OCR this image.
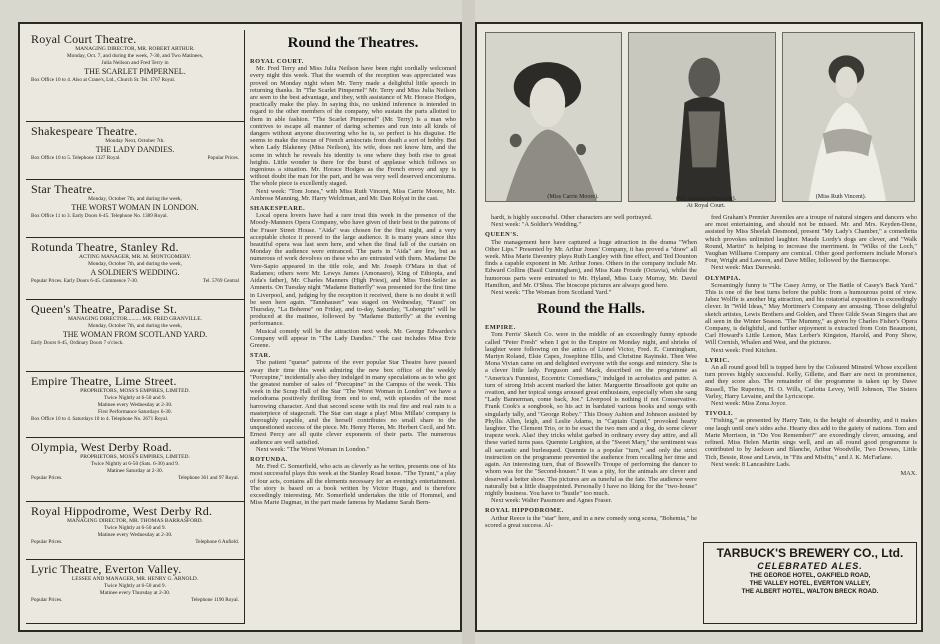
Royal Court Theatre.
MANAGING DIRECTOR, MR. ROBERT ARTHUR.
Monday, Oct. 7, and during the week, 7-30, and Two Matinees,
Julia Neilson and Fred Terry in
THE SCARLET PIMPERNEL.
Box Office 10 to 4. Also at Crane's, Ltd., Church St. Tel. 1767 Royal.
Shakespeare Theatre.
Monday Next, October 7th.
THE LADY DANDIES.
Box Office 10 to 5. Telephone 1327 Royal.	Popular Prices.
Star Theatre.
Monday, October 7th, and during the week,
THE WORST WOMAN IN LONDON.
Box Office 11 to 3. Early Doors 6-45. Telephone No. 1389 Royal.
Rotunda Theatre, Stanley Rd.
ACTING MANAGER, MR. M. MONTGOMERY.
Monday, October 7th, and during the week,
A SOLDIER'S WEDDING.
Popular Prices. Early Doors 6-45. Commence 7-30.	Tel. 5769 Central
Queen's Theatre, Paradise St.
MANAGING DIRECTOR.......... MR. FRED GRANVILLE.
Monday, October 7th, and during the week,
THE WOMAN FROM SCOTLAND YARD.
Early Doors 6-45, Ordinary Doors 7 o'clock.
Empire Theatre, Lime Street.
PROPRIETORS, MOSS'S EMPIRES, LIMITED.
Twice Nightly at 6-50 and 9.
Matinee every Wednesday at 2-30.
First Performance Saturdays 6-30.
Box Office 10 to 4. Saturdays 10 to 4. Telephone No. 2671 Royal.
Olympia, West Derby Road.
PROPRIETORS, MOSS'S EMPIRES, LIMITED.
Twice Nightly at 6-50 (Sats. 6-30) and 9.
Matinee Saturday at 2-30.
Popular Prices.	Telephone 361 and 97 Royal.
Royal Hippodrome, West Derby Rd.
MANAGING DIRECTOR, MR. THOMAS BARRASFORD.
Twice Nightly at 6-50 and 9.
Matinee every Wednesday at 2-30.
Popular Prices.	Telephone 6 Anfield.
Lyric Theatre, Everton Valley.
LESSEE AND MANAGER, MR. HENRY G. ARNOLD.
Twice Nightly at 6-50 and 9.
Matinee every Thursday at 2-30.
Popular Prices.	Telephone 1190 Royal.
Round the Theatres.
ROYAL COURT.

Mr. Fred Terry and Miss Julia Neilson have been right cordially welcomed every night this week. That the warmth of the reception was appreciated was proved on Monday night when Mr. Terry made a delightful little speech in returning thanks. In "The Scarlet Pimpernel" Mr. Terry and Miss Julia Neilson are seen to the best advantage, and they, with assistance of Mr. Horace Hodges, practically make the play. In saying this, no unkind inference is intended in regard to the other members of the company, who sustain the parts allotted to them in able fashion. "The Scarlet Pimpernel" (Mr. Terry) is a man who contrives to escape all manner of daring schemes and run into all kinds of dangers without anyone discovering who he is, so perfect is his disguise. He seems to make the rescue of French aristocrats from death a sort of hobby. But when Lady Blakeney (Miss Neilson), his wife, does not know him, and the scene in which he reveals his identity is one where they both rise to great heights. Little wonder is there for the burst of applause which follows so ingenious a situation. Mr. Horace Hodges as the French envoy and spy is without doubt the man for the part, and he was very well deserved encomiums. The whole piece is excellently staged.

Next week: "Tom Jones," with Miss Ruth Vincent, Miss Carrie Moore, Mr. Ambrose Manning, Mr. Harry Welchman, and Mr. Dan Rolyat in the cast.

SHAKESPEARE.

Local opera lovers have had a rare treat this week in the presence of the Moody-Manners Opera Company, who have given of their best to the patrons of the Fraser Street House. "Aida" was chosen for the first night, and a very acceptable choice it proved to the large audience. It is many years since this beautiful opera was last seen here, and when the final fall of the curtain on Monday the audience were entranced. The parts in "Aida" are few, but as numerous of work devolves on these who are entrusted with them. Madame De Vere-Sapio appeared in the title role, and Mr. Joseph O'Mara in that of Radames; others were Mr. Lewys James (Amonasro), King of Ethiopia, and Aida's father), Mr. Charles Manners (High Priest), and Miss Toni-Seiler as Amneris. On Tuesday night "Madame Butterfly" was presented for the first time in Liverpool, and, judging by the reception it received, there is no doubt it will be seen here again. "Tannhauser" was staged on Wednesday, "Faust" on Thursday, "La Boheme" on Friday, and to-day, Saturday, "Lohengrin" will be produced at the matinee, followed by "Madame Butterfly" at the evening performance.

Musical comedy will be the attraction next week. Mr. George Edwardes's Company will appear in "The Lady Dandies." The cast includes Miss Evie Greene.

STAR.

The patient "queue" patrons of the ever popular Star Theatre have passed away their time this week admiring the new box office of the weekly "Porcupine," incidentally also they indulged in many speculations as to who got the greatest number of sales of "Porcupine" in the Campus of the week. This week in the Scrap Hall of the Star "The Worst Woman in London" we have a melodrama positively thrilling from end to end, with episodes of the most harrowing character. And that second scene with its real fire and real rain is a masterpiece of stagecraft. The Star can stage a play! Miss Millais' company is thoroughly capable, and the herself contributes no small share to the unquestioned success of the piece. Mr. Henry Heron, Mr. Herbert Cecil, and Mr. Ernest Percy are all quite clever exponents of their parts. The numerous audience are well satisfied.

Next week: "The Worst Woman in London."

ROTUNDA.

Mr. Fred C. Somerfield, who acts as cleverly as he writes, presents one of his most successful plays this week at the Stanley Road house. "The Tyrant," a play of four acts, contains all the elements necessary for an evening's entertainment. The story is based on a book written by Victor Hugo, and is therefore exceedingly interesting. Mr. Somerfield undertakes the title of Hommel, and Miss Marie Dagmar, in the part made famous by Madame Sarah Bern-

(Miss Carrie Moore).	(Mr. Ambrose Manning).	(Miss Ruth Vincent).
At Royal Court.

hardt, is highly successful. Other characters are well portrayed.

Next week: "A Soldier's Wedding."

QUEEN'S.

The management here have captured a huge attraction in the drama "When Other Lips." Presented by Mr. Arthur Jones' Company, it has proved a "draw" all week. Miss Marie Daventry plays Ruth Langley with fine effect, and Ted Dounton finds a capable exponent in Mr. Arthur Jones. Others in the company include Mr. Edward Collins (Basil Cunningham), and Miss Kate Froude (Octavia), whilst the humorous parts were entrusted to Mr. Hyland, Miss Lucy Murray, Mr. David Hamilton, and Mr. O'Shea. The bioscope pictures are always good here.

Next week: "The Woman from Scotland Yard."

Round the Halls.
EMPIRE.

Tom Ferris' Sketch Co. were in the middle of an exceedingly funny episode called "Peter Fresh" when I got to the Empire on Monday night, and shrieks of laughter were following on the antics of Lionel Victor, Fred. E. Cunningham, Martyn Roland, Elsie Capes, Josephine Ellis, and Christine Rayinski. Then Wee Mona Vivian came on and delighted everyone with the songs and mimicry. She is a clever little lady. Ferguson and Mack, described on the programme as "America's Funniest, Eccentric Comedians," indulged in acrobatics and patter. A turn of strong Irish accent marked the latter. Marguerite Broadfoote got quite an ovation, and her topical songs aroused great enthusiasm, especially when she sang "Lady Bannerman, come back, Joe." Liverpool is nothing if not Conservative. Frank Cook's a songbook, so his act in bardated various books and songs with singularly tally, and "George Robey." This Dossy Ashton and Johnson assisted by Phyllis Allen, leigh, and Leslie Adams, in "Captain Cupid," provoked hearty laughter. The Clement Trio, or to be exact the two men and a dog, do some clever trapeze work. Alas! they tricks whilst garbed in ordinary every day attire, and all these varied turns pass. Quennie Leighton, at the "Sweet Mary," the sentiment was all sarcastic and burlesqued. Quennie is a popular "turn," and only the strict instruction on the programme prevented the audience from recalling her time and again. An interesting turn, that of Boswell's Troupe of performing the dancer to whom was for the "Second-houser." It was a pity, for the animals are clever and deserved a better show. The pictures are as tuneful as the fate. The audience were naturally but a little disappointed. Personally I have no liking for the "two-house" nightly business. You have to "hustle" too much.

Next week: Walter Passmore and Agnes Fraser.

ROYAL HIPPODROME.

Arthur Reece is the "star" here, and in a new comedy song scena, "Bohemia," he scored a great success. Al-

fred Graham's Premier Juveniles are a troupe of natural singers and dancers who are most entertaining, and should not be missed. Mr. and Mrs. Keyden-Dene, assisted by Miss Sheelah Desmond, present "My Lady's Chamber," a comedietta which provokes unlimited laughter. Maude Lordy's dogs are clever, and "Walk Round, Martin" is helping to increase the merriment. In "Wilks of the Loch," Vaughan Williams Company are comical. Other good performers include Morse's Four, Wright and Lawson, and Dave Miller, followed by the Barrascope.

Next week: Max Darewski.

OLYMPIA.

Screamingly funny is "The Casey Army, or The Battle of Casey's Back Yard." This is one of the best turns before the public from a humourous point of view. Jabez Wolffe is another big attraction, and his rotatorial exposition is exceedingly clever. In "Wild Ideas," May Mortimer's Company are amusing. Those delightful sketch artistes, Lewis Brothers and Golden, and Three Gilde Swan Singers that are all seen in the Winter Season. "The Mummy," as given by Charles Fisher's Opera Company, is delightful, and further enjoyment is extracted from Coin Beaumont, Carl Howard's Little Lemon, Max Lerber's Kingston, Harold, and Pony Show, Will Cornish, Whalen and West, and the pictures.

Next week: Fred Kitchen.

LYRIC.

An all round good bill is topped here by the Coloured Minstrel Whose excellent turn proves highly successful. Kelly, Gillette, and Barr are next in prominence, and they score also. The remainder of the programme is taken up by Dawe Russell, The Rupertos, H. O. Wills, Carlotta Levey, Will Johnson, The Sisters Varley, Harry Levaine, and the Lyricscope.

Next week: Miss Zona Joyce.

TIVOLI.

"Fishing," as presented by Harry Tate, is the height of absurdity, and it makes one laugh until one's sides ache. Hearty dies add to the gaiety of nations. Tom and Marie Morrison, in "Do You Remember?" are exceedingly clever, amusing, and refined. Miss Helen Martin sings well, and an all round good programme is contributed to by Jackson and Blanche, Arthur Woodville, Two Dowses, Little Tich, Bessie, Rose and Lewis, in "Fits and Misfits," and J. K. McFarlane.

Next week: 8 Lancashire Lads.

MAX.
TARBUCK'S BREWERY CO., Ltd.
CELEBRATED ALES.
THE GEORGE HOTEL, OAKFIELD ROAD,
THE VALLEY HOTEL, EVERTON VALLEY,
THE ALBERT HOTEL, WALTON BRECK ROAD.
